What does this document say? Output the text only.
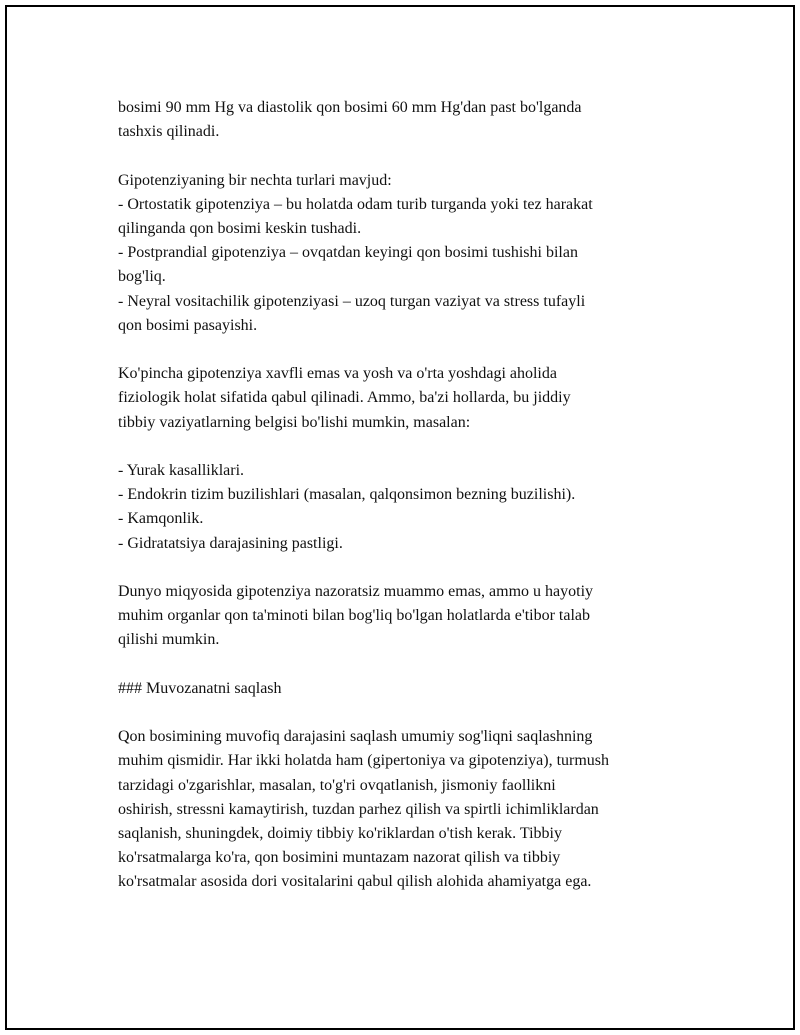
bosimi 90 mm Hg va diastolik qon bosimi 60 mm Hg'dan past bo'lganda
tashxis qilinadi.
Gipotenziyaning bir nechta turlari mavjud:
- Ortostatik gipotenziya – bu holatda odam turib turganda yoki tez harakat
qilinganda qon bosimi keskin tushadi.
- Postprandial gipotenziya – ovqatdan keyingi qon bosimi tushishi bilan
bog'liq.
- Neyral vositachilik gipotenziyasi – uzoq turgan vaziyat va stress tufayli
qon bosimi pasayishi.
Ko'pincha gipotenziya xavfli emas va yosh va o'rta yoshdagi aholida
fiziologik holat sifatida qabul qilinadi. Ammo, ba'zi hollarda, bu jiddiy
tibbiy vaziyatlarning belgisi bo'lishi mumkin, masalan:
- Yurak kasalliklari.
- Endokrin tizim buzilishlari (masalan, qalqonsimon bezning buzilishi).
- Kamqonlik.
- Gidratatsiya darajasining pastligi.
Dunyo miqyosida gipotenziya nazoratsiz muammo emas, ammo u hayotiy
muhim organlar qon ta'minoti bilan bog'liq bo'lgan holatlarda e'tibor talab
qilishi mumkin.
### Muvozanatni saqlash
Qon bosimining muvofiq darajasini saqlash umumiy sog'liqni saqlashning
muhim qismidir. Har ikki holatda ham (gipertoniya va gipotenziya), turmush
tarzidagi o'zgarishlar, masalan, to'g'ri ovqatlanish, jismoniy faollikni
oshirish, stressni kamaytirish, tuzdan parhez qilish va spirtli ichimliklardan
saqlanish, shuningdek, doimiy tibbiy ko'riklardan o'tish kerak. Tibbiy
ko'rsatmalarga ko'ra, qon bosimini muntazam nazorat qilish va tibbiy
ko'rsatmalar asosida dori vositalarini qabul qilish alohida ahamiyatga ega.
